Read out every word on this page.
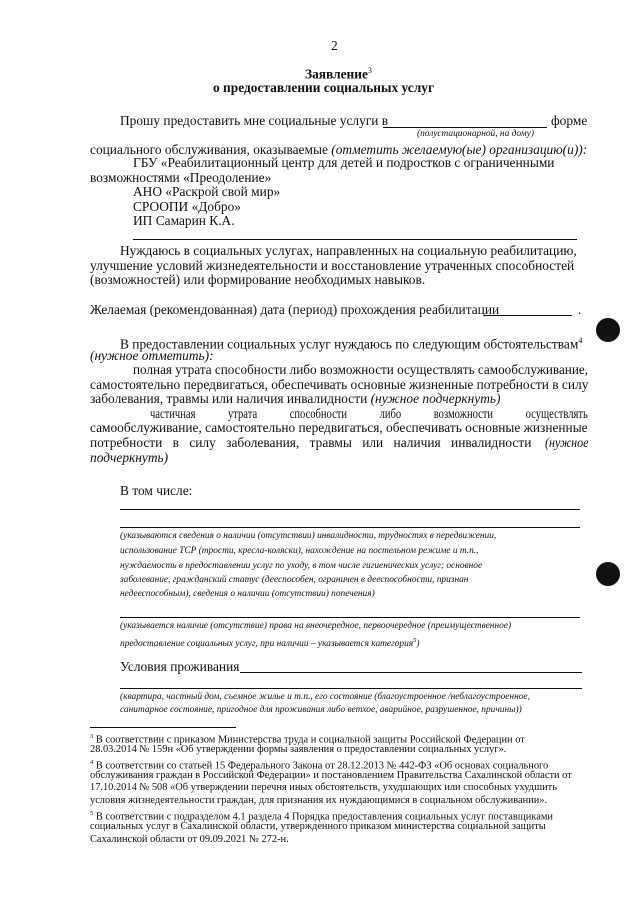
2
Заявление$^3$
о предоставлении социальных услуг
Прошу предоставить мне социальные услуги в	форме
(полустационарной, на дому)
социального обслуживания, оказываемые (отметить желаемую(ые) организацию(и)):
ГБУ «Реабилитационный центр для детей и подростков с ограниченными
возможностями «Преодоление»
АНО «Раскрой свой мир»
СРООПИ «Добро»
ИП Самарин К.А.
Нуждаюсь в социальных услугах, направленных на социальную реабилитацию,
улучшение условий жизнедеятельности и восстановление утраченных способностей
(возможностей) или формирование необходимых навыков.
Желаемая (рекомендованная) дата (период) прохождения реабилитации	.
В предоставлении социальных услуг нуждаюсь по следующим обстоятельствам$^4$
(нужное отметить):
полная утрата способности либо возможности осуществлять самообслуживание,
самостоятельно передвигаться, обеспечивать основные жизненные потребности в силу
заболевания, травмы или наличия инвалидности (нужное подчеркнуть)
частичная утрата способности либо возможности осуществлять
самообслуживание, самостоятельно передвигаться, обеспечивать основные жизненные
потребности в силу заболевания, травмы или наличия инвалидности (нужное
подчеркнуть)
В том числе:
(указываются сведения о наличии (отсутствии) инвалидности, трудностях в передвижении,
использование ТСР (трости, кресла-коляски), нахождение на постельном режиме и т.п.,
нуждаемость в предоставлении услуг по уходу, в том числе гигиенических услуг; основное
заболевание, гражданский статус (дееспособен, ограничен в дееспособности, признан
недееспособным), сведения о наличии (отсутствии) попечения)
(указывается наличие (отсутствие) права на внеочередное, первоочередное (преимущественное)
предоставление социальных услуг, при наличии – указывается категория$^5$)
Условия проживания
(квартира, частный дом, съемное жилье и т.п., его состояние (благоустроенное /неблагоустроенное,
санитарное состояние, пригодное для проживания либо ветхое, аварийное, разрушенное, причины))
$^3$ В соответствии с приказом Министерства труда и социальной защиты Российской Федерации от
28.03.2014 № 159н «Об утверждении формы заявления о предоставлении социальных услуг».
$^4$ В соответствии со статьей 15 Федерального Закона от 28.12.2013 № 442-ФЗ «Об основах социального
обслуживания граждан в Российской Федерации» и постановлением Правительства Сахалинской области от
17.10.2014 № 508 «Об утверждении перечня иных обстоятельств, ухудшающих или способных ухудшить
условия жизнедеятельности граждан, для признания их нуждающимися в социальном обслуживании».
$^5$ В соответствии с подразделом 4.1 раздела 4 Порядка предоставления социальных услуг поставщиками
социальных услуг в Сахалинской области, утвержденного приказом министерства социальной защиты
Сахалинской области от 09.09.2021 № 272-н.
